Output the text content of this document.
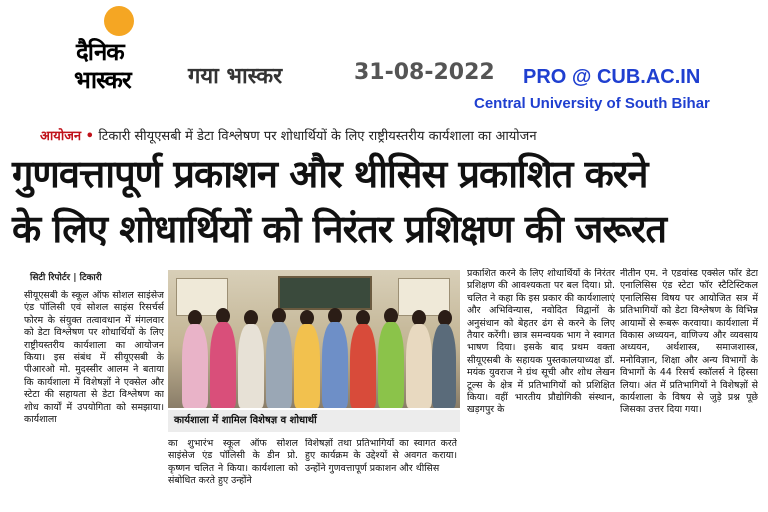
दैनिक
भास्कर	गया भास्कर	31-08-2022 PRO @ CUB.AC.IN
Central University of South Bihar
आयोजन • टिकारी सीयूएसबी में डेटा विश्लेषण पर शोधार्थियों के लिए राष्ट्रीयस्तरीय कार्यशाला का आयोजन
गुणवत्तापूर्ण प्रकाशन और थीसिस प्रकाशित करने
के लिए शोधार्थियों को निरंतर प्रशिक्षण की जरूरत
सिटी रिपोर्टर | टिकारी
कार्यशाला में शामिल विशेषज्ञ व शोधार्थी
सीयूएसबी के स्कूल ऑफ सोशल साइंसेज एंड पॉलिसी एवं सोशल साइंस रिसर्चर्स फोरम के संयुक्त तत्वावधान में मंगलवार को डेटा विश्लेषण पर शोधार्थियों के लिए राष्ट्रीयस्तरीय कार्यशाला का आयोजन किया। इस संबंध में सीयूएसबी के पीआरओ मो. मुदस्सीर आलम ने बताया कि कार्यशाला में विशेषज्ञों ने एक्सेल और स्टेटा की सहायता से डेटा विश्लेषण का शोध कार्यों में उपयोगिता को समझाया। कार्यशाला
का शुभारंभ स्कूल ऑफ सोशल साइंसेज एंड पॉलिसी के डीन प्रो. कृष्णन चलित ने किया। कार्यशाला को संबोधित करते हुए उन्होंने
विशेषज्ञों तथा प्रतिभागियों का स्वागत करते हुए कार्यक्रम के उद्देश्यों से अवगत कराया। उन्होंने गुणवत्तापूर्ण प्रकाशन और थीसिस
प्रकाशित करने के लिए शोधार्थियों के निरंतर प्रशिक्षण की आवश्यकता पर बल दिया। प्रो. चलित ने कहा कि इस प्रकार की कार्यशालाएं और अभिविन्यास, नवोदित विद्वानों के अनुसंधान को बेहतर ढंग से करने के लिए तैयार करेंगी। छात्र समन्वयक भाग ने स्वागत भाषण दिया। इसके बाद प्रथम वक्ता सीयूएसबी के सहायक पुस्तकालयाध्यक्ष डॉ. मयंक युवराज ने ग्रंथ सूची और शोध लेखन टूल्स के क्षेत्र में प्रतिभागियों को प्रशिक्षित किया। वहीं भारतीय प्रौद्योगिकी संस्थान, खड़गपुर के
नीतीन एम. ने एडवांस्ड एक्सेल फॉर डेटा एनालिसिस एंड स्टेटा फॉर स्टैटिस्टिकल एनालिसिस विषय पर आयोजित सत्र में प्रतिभागियों को डेटा विश्लेषण के विभिन्न आयामों से रूबरू करवाया। कार्यशाला में विकास अध्ययन, वाणिज्य और व्यवसाय अध्ययन, अर्थशास्त्र, समाजशास्त्र, मनोविज्ञान, शिक्षा और अन्य विभागों के विभागों के 44 रिसर्च स्कॉलर्स ने हिस्सा लिया। अंत में प्रतिभागियों ने विशेषज्ञों से कार्यशाला के विषय से जुड़े प्रश्न पूछे जिसका उत्तर दिया गया।
